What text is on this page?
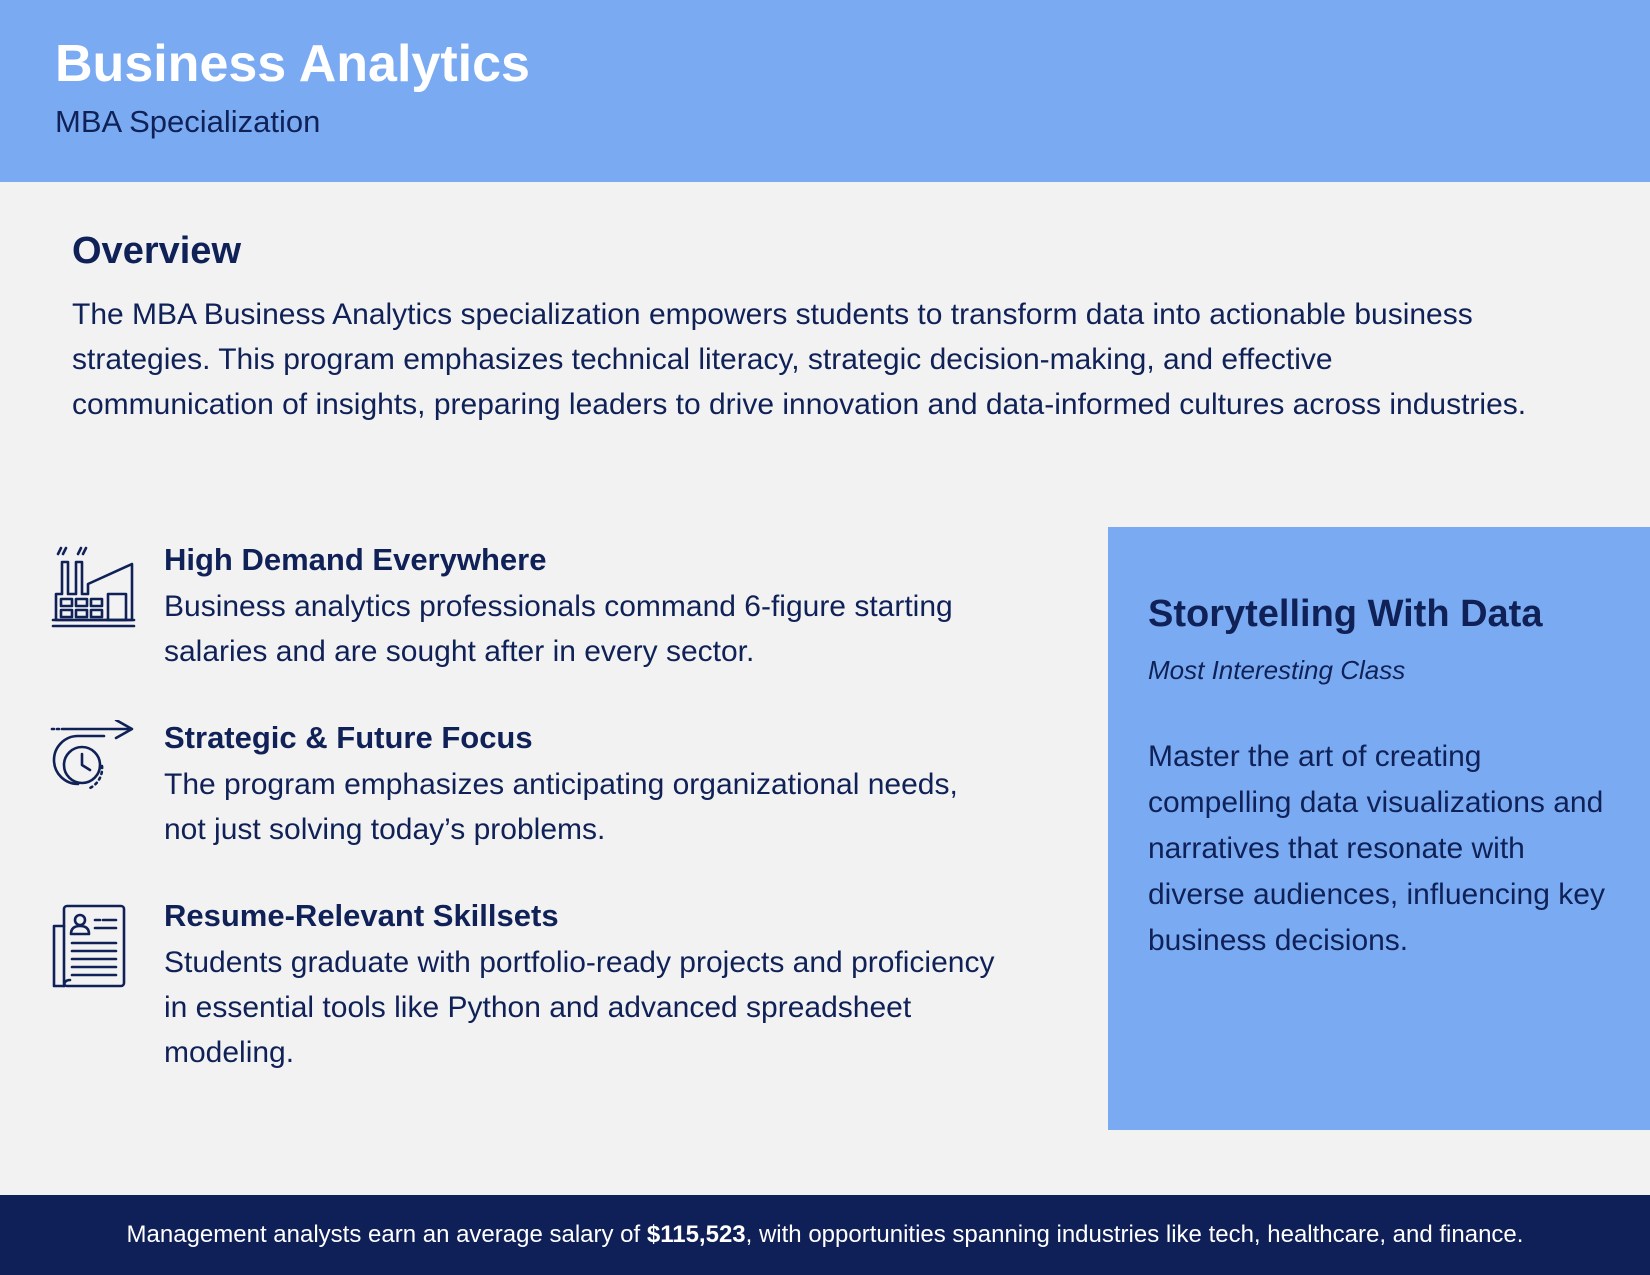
Business Analytics
MBA Specialization
Overview
The MBA Business Analytics specialization empowers students to transform data into actionable business strategies. This program emphasizes technical literacy, strategic decision-making, and effective communication of insights, preparing leaders to drive innovation and data-informed cultures across industries.
High Demand Everywhere
Business analytics professionals command 6-figure starting salaries and are sought after in every sector.
Strategic & Future Focus
The program emphasizes anticipating organizational needs, not just solving today’s problems.
Resume-Relevant Skillsets
Students graduate with portfolio-ready projects and proficiency in essential tools like Python and advanced spreadsheet modeling.
Storytelling With Data
Most Interesting Class
Master the art of creating compelling data visualizations and narratives that resonate with diverse audiences, influencing key business decisions.
Management analysts earn an average salary of $115,523 , with opportunities spanning industries like tech, healthcare, and finance.
